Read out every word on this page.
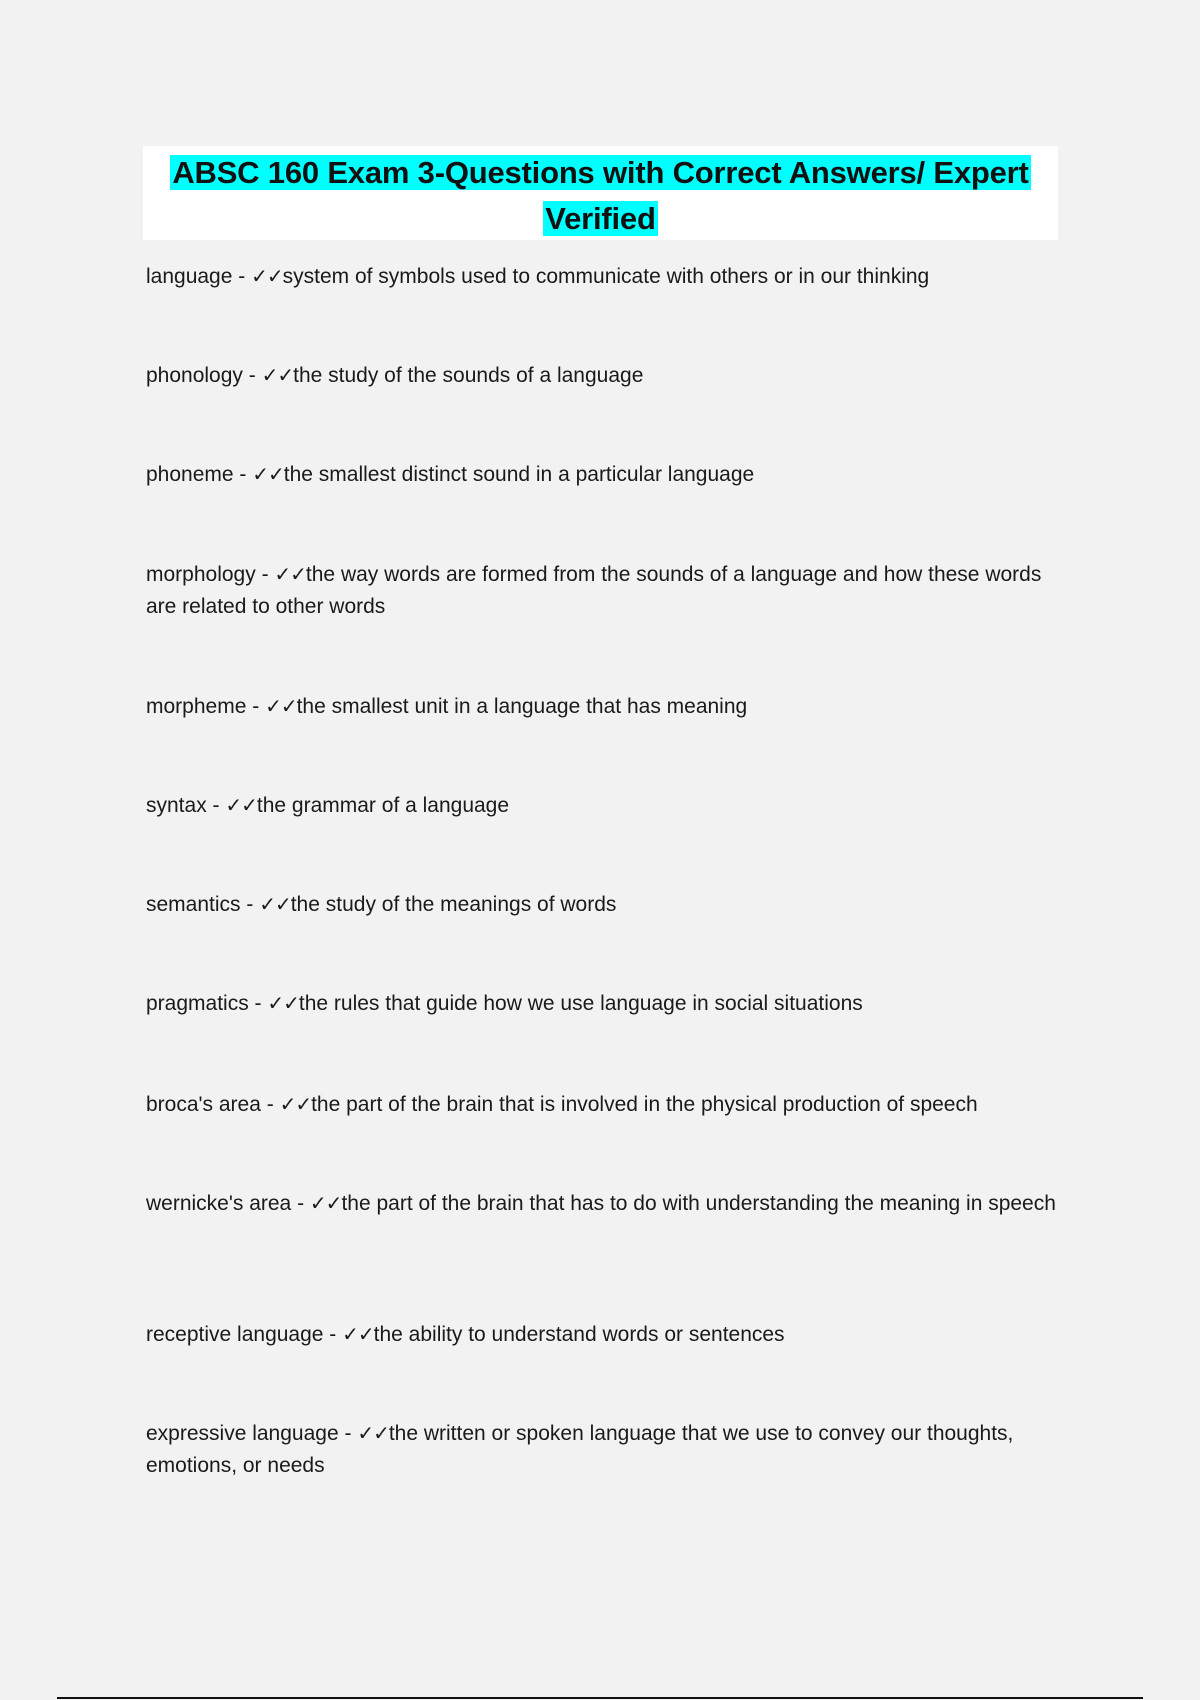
ABSC 160 Exam 3-Questions with Correct Answers/ Expert
Verified
language - ✓✓system of symbols used to communicate with others or in our thinking
phonology - ✓✓the study of the sounds of a language
phoneme - ✓✓the smallest distinct sound in a particular language
morphology - ✓✓the way words are formed from the sounds of a language and how these words are related to other words
morpheme - ✓✓the smallest unit in a language that has meaning
syntax - ✓✓the grammar of a language
semantics - ✓✓the study of the meanings of words
pragmatics - ✓✓the rules that guide how we use language in social situations
broca's area - ✓✓the part of the brain that is involved in the physical production of speech
wernicke's area - ✓✓the part of the brain that has to do with understanding the meaning in speech
receptive language - ✓✓the ability to understand words or sentences
expressive language - ✓✓the written or spoken language that we use to convey our thoughts, emotions, or needs
